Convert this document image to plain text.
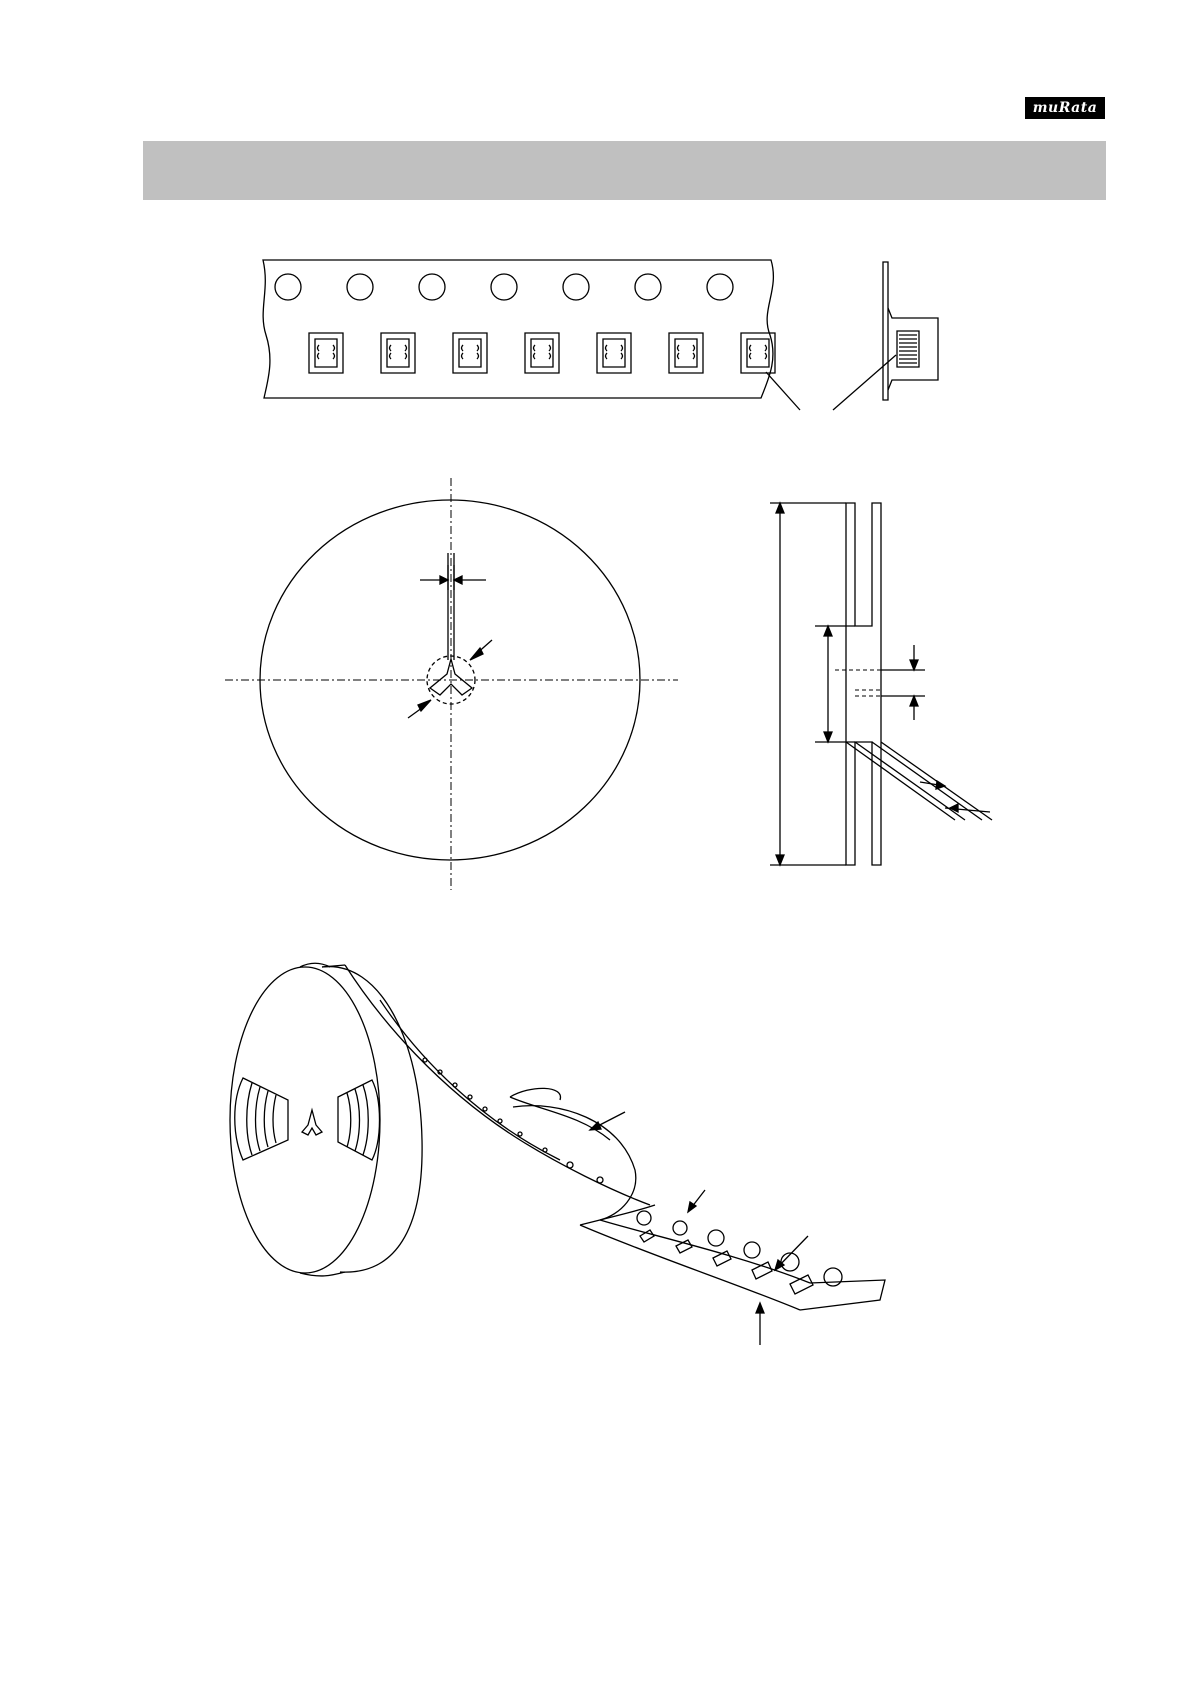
muRata
